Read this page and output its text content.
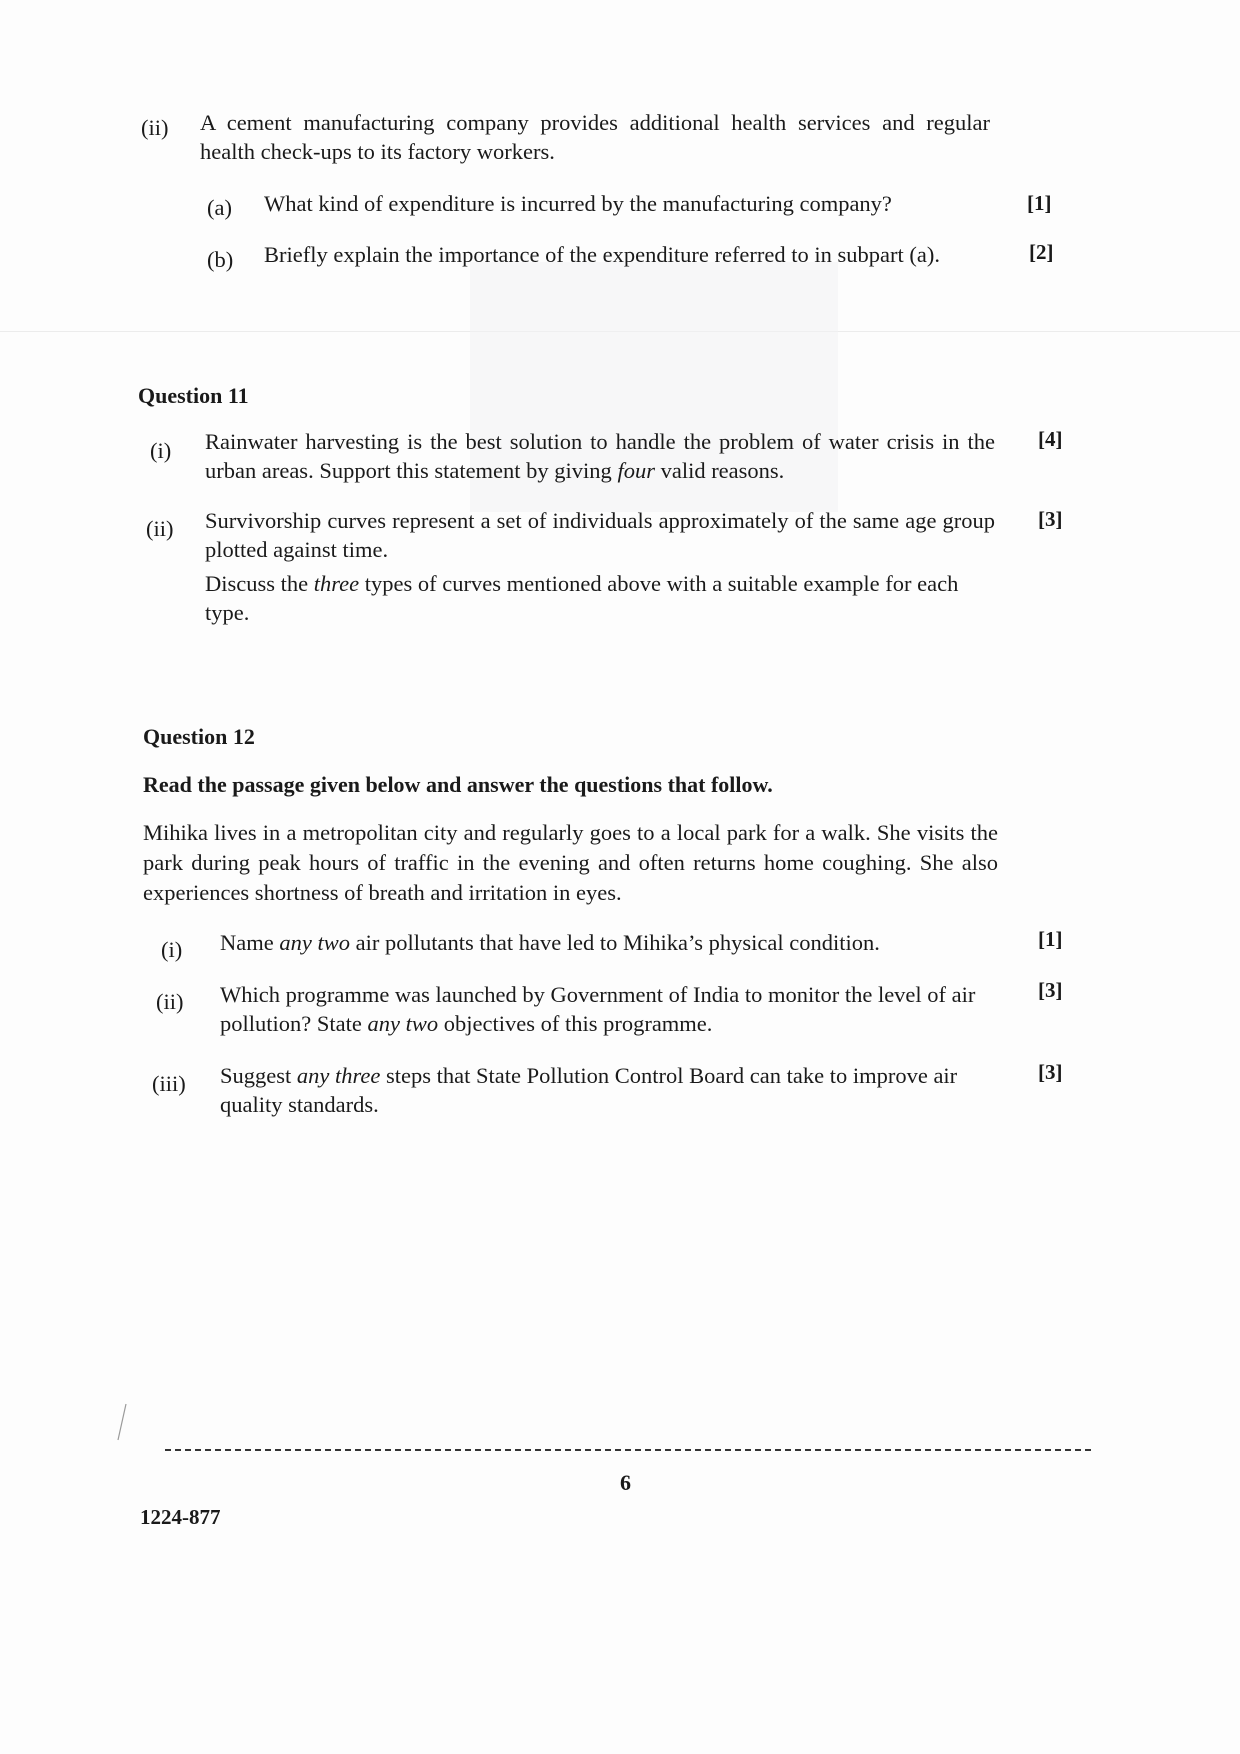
(ii) A cement manufacturing company provides additional health services and regular health check-ups to its factory workers.
(a) What kind of expenditure is incurred by the manufacturing company?	[1]
(b) Briefly explain the importance of the expenditure referred to in subpart (a).	[2]
Question 11
(i) Rainwater harvesting is the best solution to handle the problem of water crisis in the urban areas. Support this statement by giving four valid reasons.
[4]
(ii) Survivorship curves represent a set of individuals approximately of the same age group plotted against time.
Discuss the three types of curves mentioned above with a suitable example for each type.
[3]
Question 12
Read the passage given below and answer the questions that follow.
Mihika lives in a metropolitan city and regularly goes to a local park for a walk. She visits the park during peak hours of traffic in the evening and often returns home coughing. She also experiences shortness of breath and irritation in eyes.
(i) Name any two air pollutants that have led to Mihika’s physical condition.	[1]
(ii) Which programme was launched by Government of India to monitor the level of air pollution? State any two objectives of this programme.
[3]
(iii) Suggest any three steps that State Pollution Control Board can take to improve air quality standards.
[3]
6
1224-877
